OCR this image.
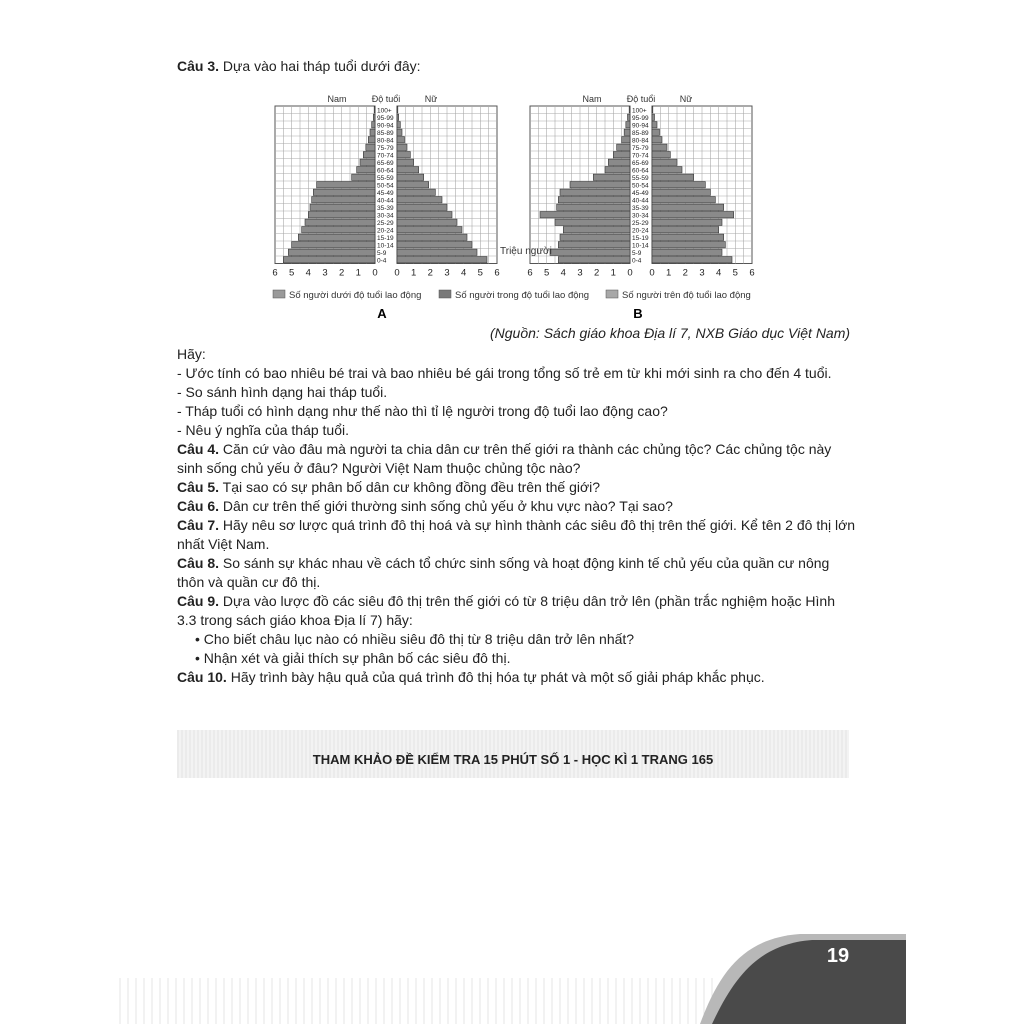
Câu 3. Dựa vào hai tháp tuổi dưới đây:
100+
95-99
90-94
85-89
80-84
75-79
70-74
65-69
60-64
55-59
50-54
45-49
40-44
35-39
30-34
25-29
20-24
15-19
10-14
5-9
0-4
Nam	Độ tuổi	Nữ
6 5 4 3 2 1 0 0 1 2 3 4 5 6
100+
95-99
90-94
85-89
80-84
75-79
70-74
65-69
60-64
55-59
50-54
45-49
40-44
35-39
30-34
25-29
20-24
15-19
10-14
5-9
0-4
Nam	Độ tuổi	Nữ
6 5 4 3 2 1 0 0 1 2 3 4 5 6
Triệu người
Số người dưới độ tuổi lao động	Số người trong độ tuổi lao động	Số người trên độ tuổi lao động
A	B
(Nguồn: Sách giáo khoa Địa lí 7, NXB Giáo dục Việt Nam)

Hãy:

- Ước tính có bao nhiêu bé trai và bao nhiêu bé gái trong tổng số trẻ em từ khi mới sinh ra cho đến 4 tuổi.

- So sánh hình dạng hai tháp tuổi.

- Tháp tuổi có hình dạng như thế nào thì tỉ lệ người trong độ tuổi lao động cao?

- Nêu ý nghĩa của tháp tuổi.

Câu 4. Căn cứ vào đâu mà người ta chia dân cư trên thế giới ra thành các chủng tộc? Các chủng tộc này sinh sống chủ yếu ở đâu? Người Việt Nam thuộc chủng tộc nào?

Câu 5. Tại sao có sự phân bố dân cư không đồng đều trên thế giới?

Câu 6. Dân cư trên thế giới thường sinh sống chủ yếu ở khu vực nào? Tại sao?

Câu 7. Hãy nêu sơ lược quá trình đô thị hoá và sự hình thành các siêu đô thị trên thế giới. Kể tên 2 đô thị lớn nhất Việt Nam.

Câu 8. So sánh sự khác nhau về cách tổ chức sinh sống và hoạt động kinh tế chủ yếu của quần cư nông thôn và quần cư đô thị.

Câu 9. Dựa vào lược đồ các siêu đô thị trên thế giới có từ 8 triệu dân trở lên (phần trắc nghiệm hoặc Hình 3.3 trong sách giáo khoa Địa lí 7) hãy:

• Cho biết châu lục nào có nhiều siêu đô thị từ 8 triệu dân trở lên nhất?

• Nhận xét và giải thích sự phân bố các siêu đô thị.

Câu 10. Hãy trình bày hậu quả của quá trình đô thị hóa tự phát và một số giải pháp khắc phục.

THAM KHẢO ĐỀ KIỂM TRA 15 PHÚT SỐ 1 - HỌC KÌ 1 TRANG 165
19
